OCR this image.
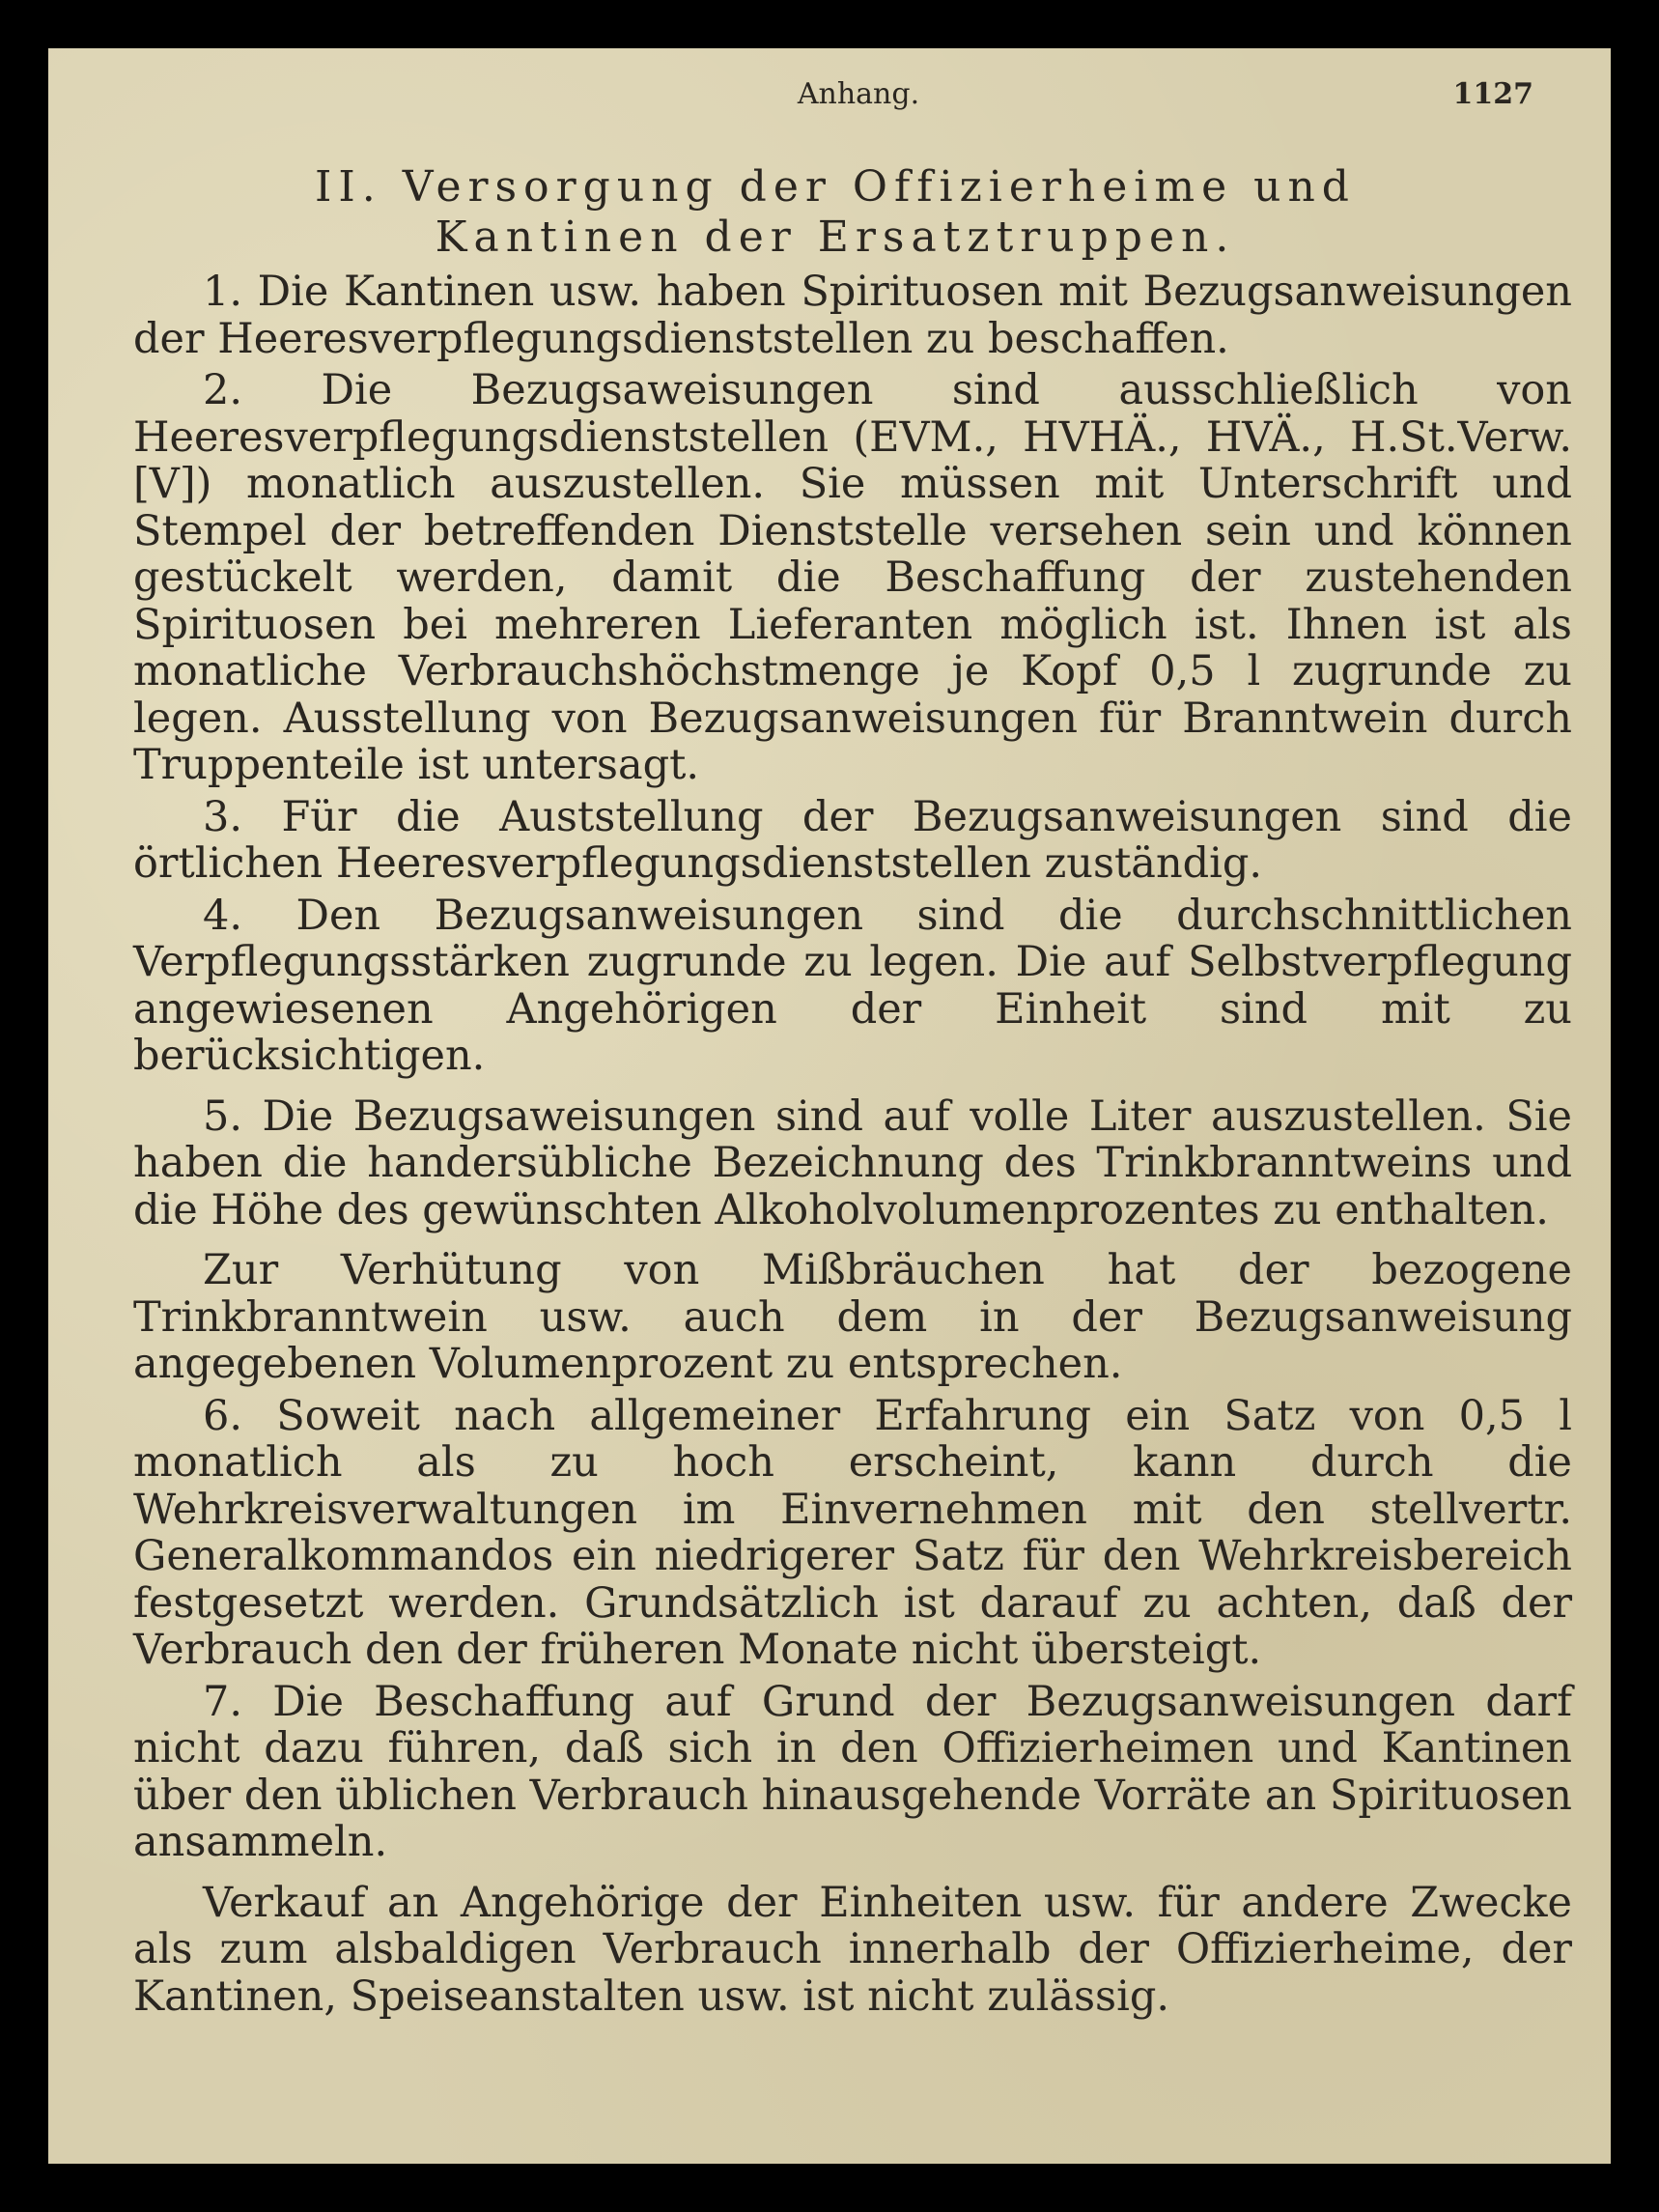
Anhang.	1127
II. Versorgung der Offizierheime und
Kantinen der Ersatztruppen.

1. Die Kantinen usw. haben Spirituosen mit Bezugsanweisungen der Heeresverpflegungsdienststellen zu beschaffen.

2. Die Bezugsaweisungen sind ausschließlich von Heeresverpflegungsdienststellen (EVM., HVHÄ., HVÄ., H.St.Verw. [V]) monatlich auszustellen. Sie müssen mit Unterschrift und Stempel der betreffenden Dienststelle versehen sein und können gestückelt werden, damit die Beschaffung der zustehenden Spirituosen bei mehreren Lieferanten möglich ist. Ihnen ist als monatliche Verbrauchshöchstmenge je Kopf 0,5 l zugrunde zu legen. Ausstellung von Bezugsanweisungen für Branntwein durch Truppenteile ist untersagt.

3. Für die Auststellung der Bezugsanweisungen sind die örtlichen Heeresverpflegungsdienststellen zuständig.

4. Den Bezugsanweisungen sind die durchschnittlichen Verpflegungsstärken zugrunde zu legen. Die auf Selbstverpflegung angewiesenen Angehörigen der Einheit sind mit zu berücksichtigen.

5. Die Bezugsaweisungen sind auf volle Liter auszustellen. Sie haben die handersübliche Bezeichnung des Trinkbranntweins und die Höhe des gewünschten Alkoholvolumenprozentes zu enthalten.

Zur Verhütung von Mißbräuchen hat der bezogene Trinkbranntwein usw. auch dem in der Bezugsanweisung angegebenen Volumenprozent zu entsprechen.

6. Soweit nach allgemeiner Erfahrung ein Satz von 0,5 l monatlich als zu hoch erscheint, kann durch die Wehrkreisverwaltungen im Einvernehmen mit den stellvertr. Generalkommandos ein niedrigerer Satz für den Wehrkreisbereich festgesetzt werden. Grundsätzlich ist darauf zu achten, daß der Verbrauch den der früheren Monate nicht übersteigt.

7. Die Beschaffung auf Grund der Bezugsanweisungen darf nicht dazu führen, daß sich in den Offizierheimen und Kantinen über den üblichen Verbrauch hinausgehende Vorräte an Spirituosen ansammeln.

Verkauf an Angehörige der Einheiten usw. für andere Zwecke als zum alsbaldigen Verbrauch innerhalb der Offizierheime, der Kantinen, Speiseanstalten usw. ist nicht zulässig.
